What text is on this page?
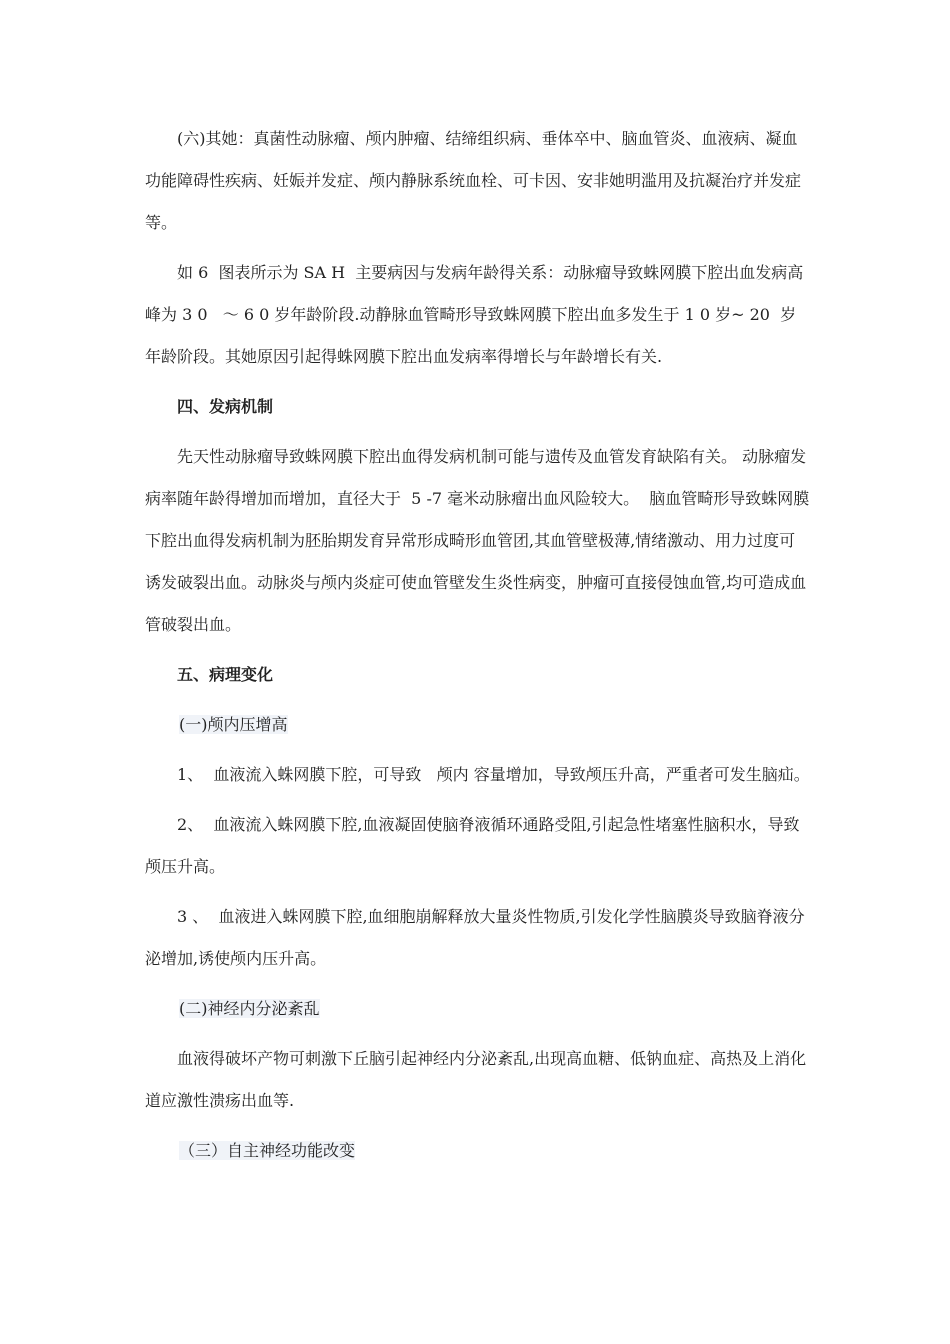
(六)其她：真菌性动脉瘤、颅内肿瘤、结缔组织病、垂体卒中、脑血管炎、血液病、凝血功能障碍性疾病、妊娠并发症、颅内静脉系统血栓、可卡因、安非她明滥用及抗凝治疗并发症等。

如 6  图表所示为 SA H  主要病因与发病年龄得关系：动脉瘤导致蛛网膜下腔出血发病高峰为 3 0   ～ 6 0 岁年龄阶段.动静脉血管畸形导致蛛网膜下腔出血多发生于 1 0 岁~ 20  岁年龄阶段。其她原因引起得蛛网膜下腔出血发病率得增长与年龄增长有关.

四、发病机制

先天性动脉瘤导致蛛网膜下腔出血得发病机制可能与遗传及血管发育缺陷有关。 动脉瘤发病率随年龄得增加而增加，直径大于  5 -7 毫米动脉瘤出血风险较大。  脑血管畸形导致蛛网膜下腔出血得发病机制为胚胎期发育异常形成畸形血管团,其血管壁极薄,情绪激动、用力过度可诱发破裂出血。动脉炎与颅内炎症可使血管壁发生炎性病变，肿瘤可直接侵蚀血管,均可造成血管破裂出血。

五、病理变化

(一)颅内压增高

1、  血液流入蛛网膜下腔，可导致   颅内 容量增加，导致颅压升高，严重者可发生脑疝。

2、  血液流入蛛网膜下腔,血液凝固使脑脊液循环通路受阻,引起急性堵塞性脑积水，导致颅压升高。

3 、  血液进入蛛网膜下腔,血细胞崩解释放大量炎性物质,引发化学性脑膜炎导致脑脊液分泌增加,诱使颅内压升高。

(二)神经内分泌紊乱

血液得破坏产物可刺激下丘脑引起神经内分泌紊乱,出现高血糖、低钠血症、高热及上消化道应激性溃疡出血等.

（三）自主神经功能改变
